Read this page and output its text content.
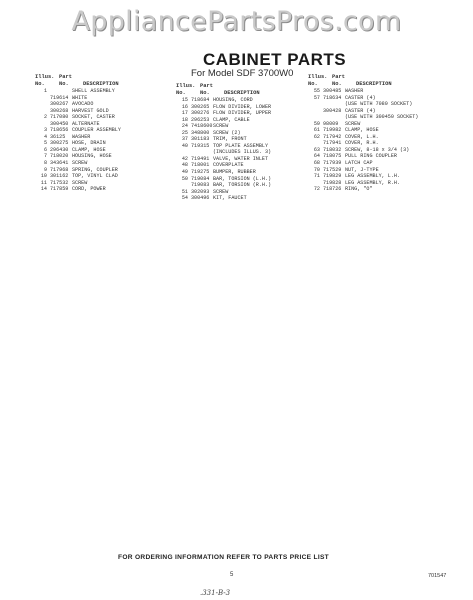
AppliancePartsPros.com
CABINET PARTS
For Model SDF 3700W0
Illus. Part
No.	No.	DESCRIPTION
1	SHELL ASSEMBLY
719614 WHITE
300267 AVOCADO
300268 HARVEST GOLD
2 717080 SOCKET, CASTER
300450 ALTERNATE
3 718656 COUPLER ASSEMBLY
4 36125	WASHER
5 300275 HOSE, DRAIN
6 296430 CLAMP, HOSE
7 718020 HOUSING, HOSE
8 343641 SCREW
9 717968 SPRING, COUPLER
10 301162 TOP, VINYL CLAD
11 717532 SCREW
14 717859 CORD, POWER
Illus. Part
No.	No.	DESCRIPTION
15 718684 HOUSING, CORD
16 300265 FLOW DIVIDER, LOWER
17 300276 FLOW DIVIDER, UPPER
18 296253 CLAMP, CABLE
24 7418600 SCREW
25 348800 SCREW (2)
37 301183 TRIM, FRONT
40 719315 TOP PLATE ASSEMBLY
(INCLUDES ILLUS. 3)
42 719491 VALVE, WATER INLET
48 718001 COVERPLATE
49 719275 BUMPER, RUBBER
50 719084 BAR, TORSION (L.H.)
719083 BAR, TORSION (R.H.)
51 302093 SCREW
54 300496 KIT, FAUCET
Illus. Part
No.	No.	DESCRIPTION
55 300485 WASHER
57 718634 CASTER (4)
(USE WITH 7080 SOCKET)
300428 CASTER (4)
(USE WITH 300450 SOCKET)
59 98009	SCREW
61 719982 CLAMP, HOSE
62 717942 COVER, L.H.
717941 COVER, R.H.
63 718032 SCREW, 8-18 x 3/4 (3)
64 718075 PULL RING COUPLER
68 717939 LATCH CAP
70 717529 NUT, J-TYPE
71 719829 LEG ASSEMBLY, L.H.
719828 LEG ASSEMBLY, R.H.
72 718726 RING, "O"
FOR ORDERING INFORMATION REFER TO PARTS PRICE LIST
5	701547
.331-B-3
